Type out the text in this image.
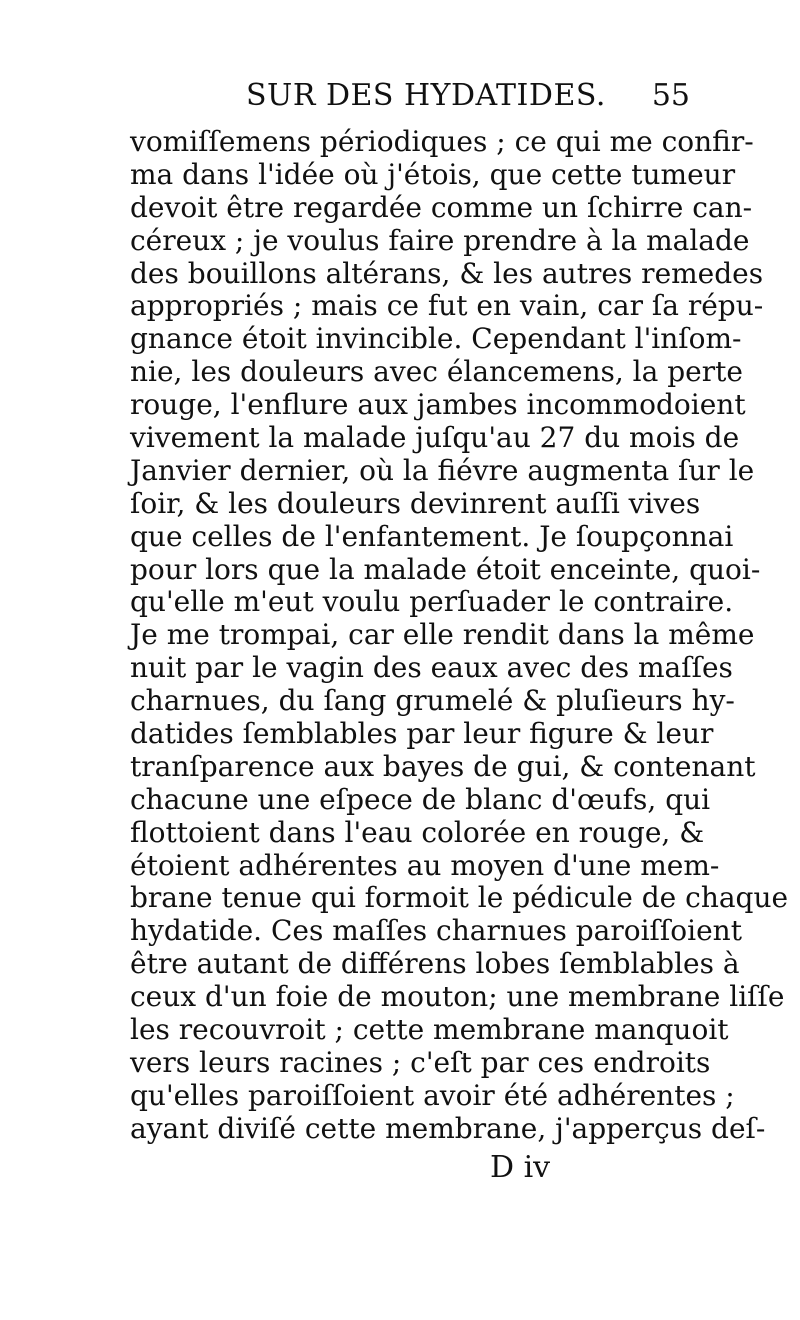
SUR DES HYDATIDES. 55
vomiſſemens périodiques ; ce qui me confir-
ma dans l'idée où j'étois, que cette tumeur
devoit être regardée comme un ſchirre can-
céreux ; je voulus faire prendre à la malade
des bouillons altérans, & les autres remedes
appropriés ; mais ce fut en vain, car ſa répu-
gnance étoit invincible. Cependant l'inſom-
nie, les douleurs avec élancemens, la perte
rouge, l'enflure aux jambes incommodoient
vivement la malade juſqu'au 27 du mois de
Janvier dernier, où la fiévre augmenta ſur le
ſoir, & les douleurs devinrent auſſi vives
que celles de l'enfantement. Je ſoupçonnai
pour lors que la malade étoit enceinte, quoi-
qu'elle m'eut voulu perſuader le contraire.
Je me trompai, car elle rendit dans la même
nuit par le vagin des eaux avec des maſſes
charnues, du ſang grumelé & pluſieurs hy-
datides ſemblables par leur figure & leur
tranſparence aux bayes de gui, & contenant
chacune une eſpece de blanc d'œufs, qui
flottoient dans l'eau colorée en rouge, &
étoient adhérentes au moyen d'une mem-
brane tenue qui formoit le pédicule de chaque
hydatide. Ces maſſes charnues paroiſſoient
être autant de différens lobes ſemblables à
ceux d'un foie de mouton; une membrane liſſe
les recouvroit ; cette membrane manquoit
vers leurs racines ; c'eſt par ces endroits
qu'elles paroiſſoient avoir été adhérentes ;
ayant diviſé cette membrane, j'apperçus deſ-
D iv
